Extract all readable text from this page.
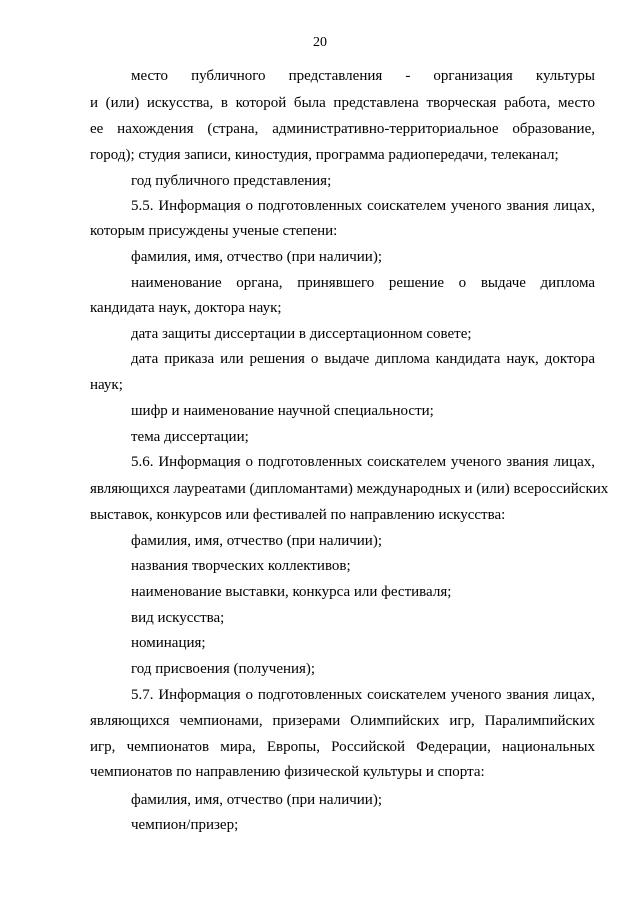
20
место публичного представления - организация культуры
и (или) искусства, в которой была представлена творческая работа, место
ее нахождения (страна, административно-территориальное образование,
город); студия записи, киностудия, программа радиопередачи, телеканал;
год публичного представления;
5.5. Информация о подготовленных соискателем ученого звания лицах,
которым присуждены ученые степени:
фамилия, имя, отчество (при наличии);
наименование органа, принявшего решение о выдаче диплома
кандидата наук, доктора наук;
дата защиты диссертации в диссертационном совете;
дата приказа или решения о выдаче диплома кандидата наук, доктора
наук;
шифр и наименование научной специальности;
тема диссертации;
5.6. Информация о подготовленных соискателем ученого звания лицах,
являющихся лауреатами (дипломантами) международных и (или) всероссийских
выставок, конкурсов или фестивалей по направлению искусства:
фамилия, имя, отчество (при наличии);
названия творческих коллективов;
наименование выставки, конкурса или фестиваля;
вид искусства;
номинация;
год присвоения (получения);
5.7. Информация о подготовленных соискателем ученого звания лицах,
являющихся чемпионами, призерами Олимпийских игр, Паралимпийских
игр, чемпионатов мира, Европы, Российской Федерации, национальных
чемпионатов по направлению физической культуры и спорта:
фамилия, имя, отчество (при наличии);
чемпион/призер;
